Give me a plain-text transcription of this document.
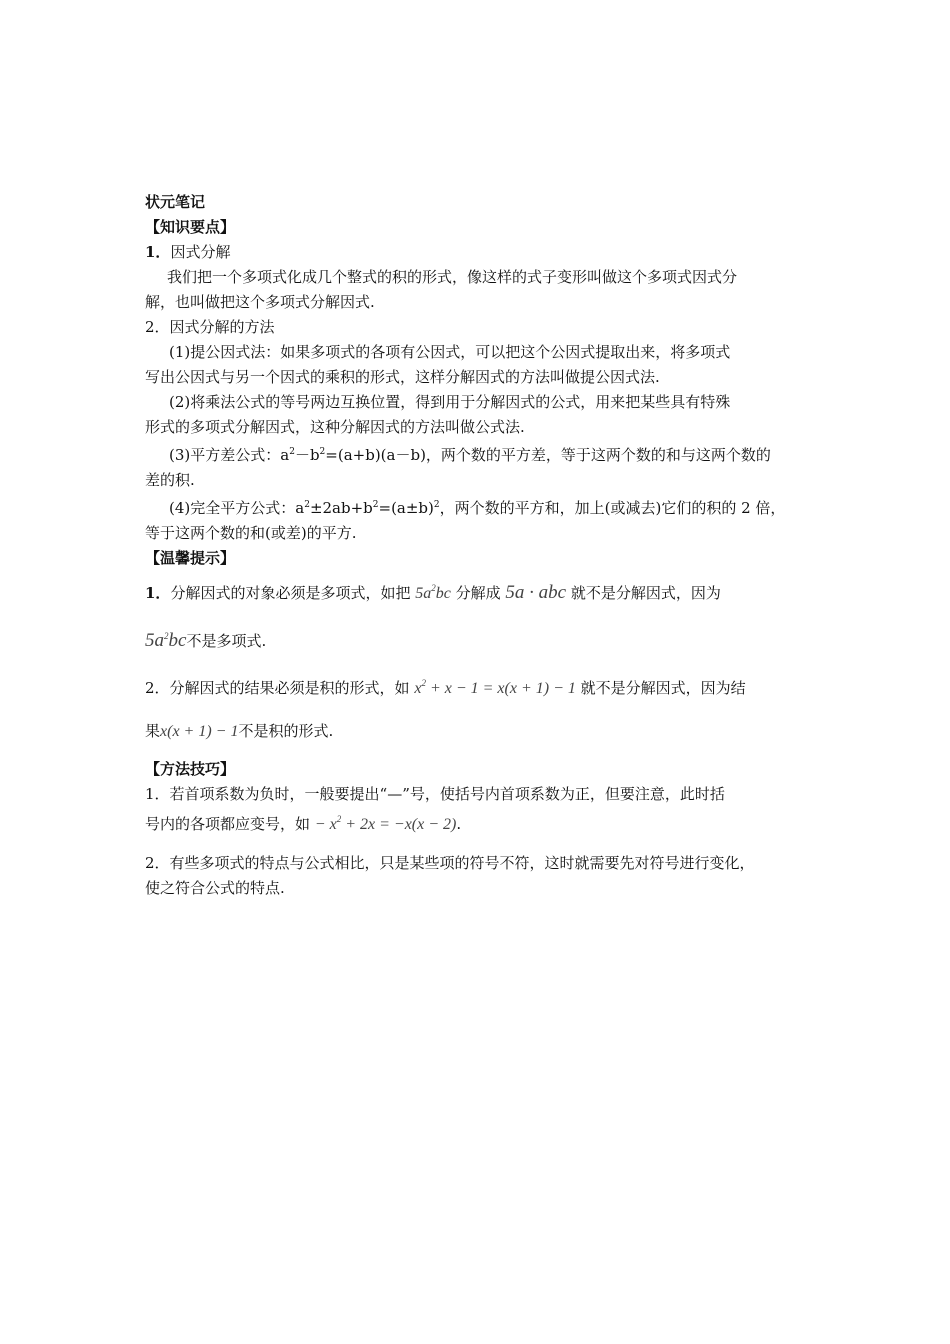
状元笔记
【知识要点】
1．因式分解
我们把一个多项式化成几个整式的积的形式，像这样的式子变形叫做这个多项式因式分
解，也叫做把这个多项式分解因式.
2．因式分解的方法
(1)提公因式法：如果多项式的各项有公因式，可以把这个公因式提取出来，将多项式
写出公因式与另一个因式的乘积的形式，这样分解因式的方法叫做提公因式法.
(2)将乘法公式的等号两边互换位置，得到用于分解因式的公式，用来把某些具有特殊
形式的多项式分解因式，这种分解因式的方法叫做公式法.
(3)平方差公式：$a^2-b^2=(a+b)(a-b)$，两个数的平方差，等于这两个数的和与这两个数的
差的积.
(4)完全平方公式：$a^2\pm 2ab+b^2=(a\pm b)^2$，两个数的平方和，加上(或减去)它们的积的 2 倍，
等于这两个数的和(或差)的平方.
【温馨提示】
1．分解因式的对象必须是多项式，如把 $5a^2bc$ 分解成 5a · abc 就不是分解因式，因为
$5a^2bc$不是多项式.
2．分解因式的结果必须是积的形式，如 $x^2 + x - 1 = x(x + 1) - 1$ 就不是分解因式，因为结
果x(x + 1) − 1不是积的形式.
【方法技巧】
1．若首项系数为负时，一般要提出“—”号，使括号内首项系数为正，但要注意，此时括
号内的各项都应变号，如 − $x^2 + 2x = -x(x - 2)$.
2．有些多项式的特点与公式相比，只是某些项的符号不符，这时就需要先对符号进行变化，
使之符合公式的特点.
